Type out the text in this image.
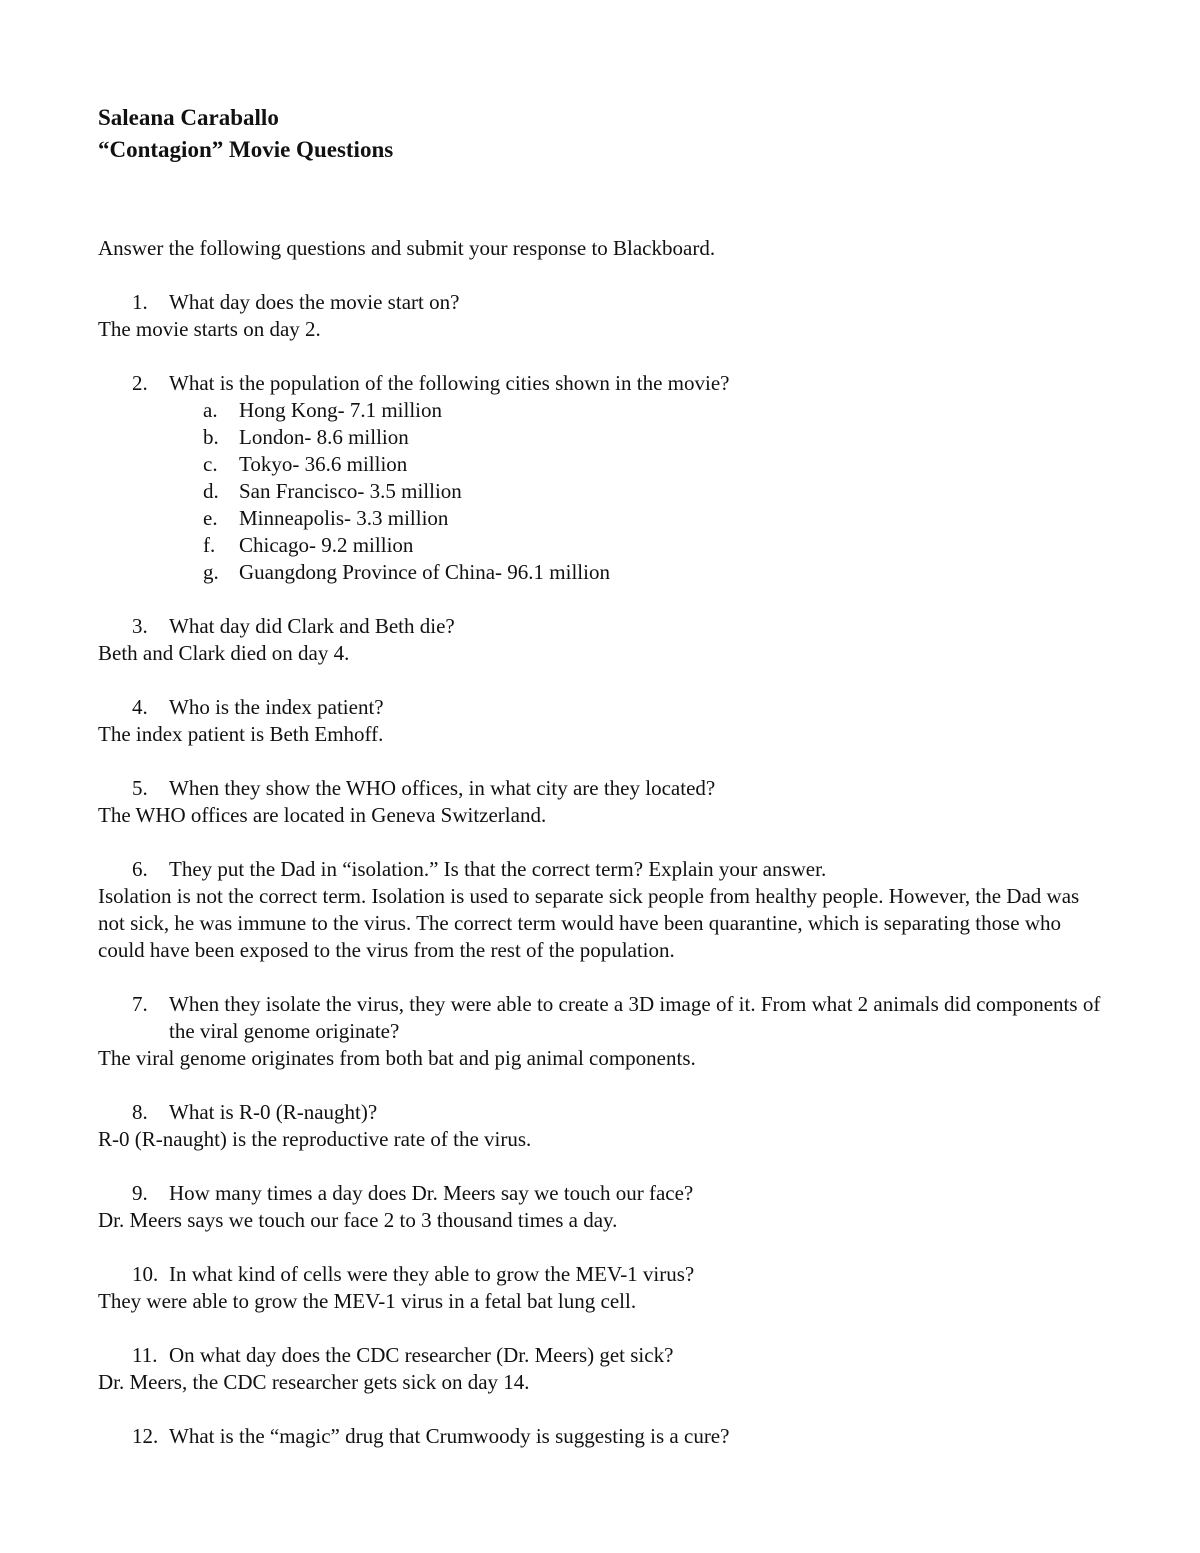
Saleana Caraballo
“Contagion” Movie Questions
Answer the following questions and submit your response to Blackboard.
1.	What day does the movie start on?
The movie starts on day 2.
2.	What is the population of the following cities shown in the movie?
a. Hong Kong- 7.1 million
b. London- 8.6 million
c. Tokyo- 36.6 million
d. San Francisco- 3.5 million
e. Minneapolis- 3.3 million
f. Chicago- 9.2 million
g. Guangdong Province of China- 96.1 million
3.	What day did Clark and Beth die?
Beth and Clark died on day 4.
4.	Who is the index patient?
The index patient is Beth Emhoff.
5.	When they show the WHO offices, in what city are they located?
The WHO offices are located in Geneva Switzerland.
6.	They put the Dad in “isolation.” Is that the correct term? Explain your answer.
Isolation is not the correct term. Isolation is used to separate sick people from healthy people. However, the Dad was not sick, he was immune to the virus. The correct term would have been quarantine, which is separating those who could have been exposed to the virus from the rest of the population.
7.	When they isolate the virus, they were able to create a 3D image of it. From what 2 animals did components of the viral genome originate?
The viral genome originates from both bat and pig animal components.
8.	What is R-0 (R-naught)?
R-0 (R-naught) is the reproductive rate of the virus.
9.	How many times a day does Dr. Meers say we touch our face?
Dr. Meers says we touch our face 2 to 3 thousand times a day.
10. In what kind of cells were they able to grow the MEV-1 virus?
They were able to grow the MEV-1 virus in a fetal bat lung cell.
11. On what day does the CDC researcher (Dr. Meers) get sick?
Dr. Meers, the CDC researcher gets sick on day 14.
12. What is the “magic” drug that Crumwoody is suggesting is a cure?
